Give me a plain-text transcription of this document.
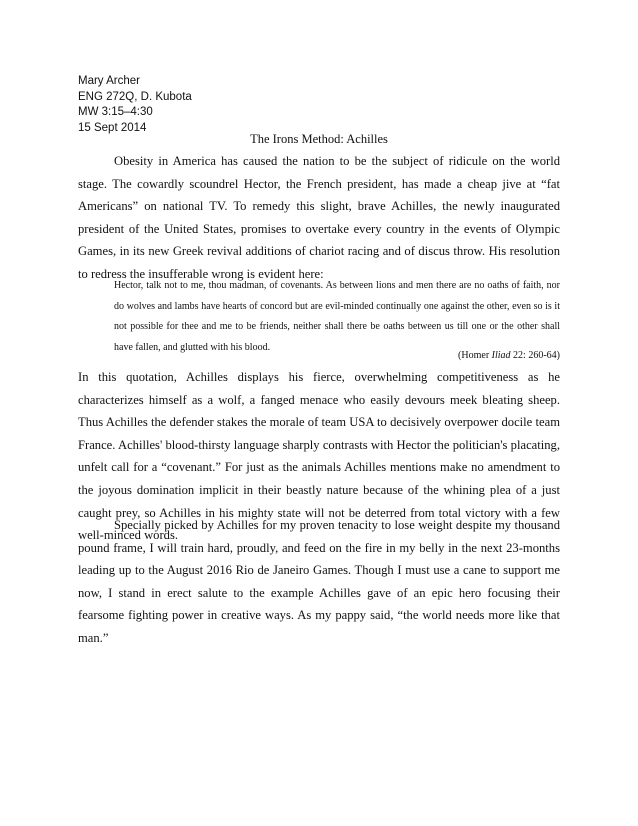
Mary Archer
ENG 272Q, D. Kubota
MW 3:15–4:30
15 Sept 2014
The Irons Method: Achilles
Obesity in America has caused the nation to be the subject of ridicule on the world stage. The cowardly scoundrel Hector, the French president, has made a cheap jive at “fat Americans” on national TV. To remedy this slight, brave Achilles, the newly inaugurated president of the United States, promises to overtake every country in the events of Olympic Games, in its new Greek revival additions of chariot racing and of discus throw. His resolution to redress the insufferable wrong is evident here:
Hector, talk not to me, thou madman, of covenants. As between lions and men there are no oaths of faith, nor do wolves and lambs have hearts of concord but are evil-minded continually one against the other, even so is it not possible for thee and me to be friends, neither shall there be oaths between us till one or the other shall have fallen, and glutted with his blood.
(Homer Iliad 22: 260-64)
In this quotation, Achilles displays his fierce, overwhelming competitiveness as he characterizes himself as a wolf, a fanged menace who easily devours meek bleating sheep. Thus Achilles the defender stakes the morale of team USA to decisively overpower docile team France. Achilles' blood-thirsty language sharply contrasts with Hector the politician's placating, unfelt call for a “covenant.” For just as the animals Achilles mentions make no amendment to the joyous domination implicit in their beastly nature because of the whining plea of a just caught prey, so Achilles in his mighty state will not be deterred from total victory with a few well-minced words.
Specially picked by Achilles for my proven tenacity to lose weight despite my thousand pound frame, I will train hard, proudly, and feed on the fire in my belly in the next 23-months leading up to the August 2016 Rio de Janeiro Games. Though I must use a cane to support me now, I stand in erect salute to the example Achilles gave of an epic hero focusing their fearsome fighting power in creative ways. As my pappy said, “the world needs more like that man.”
